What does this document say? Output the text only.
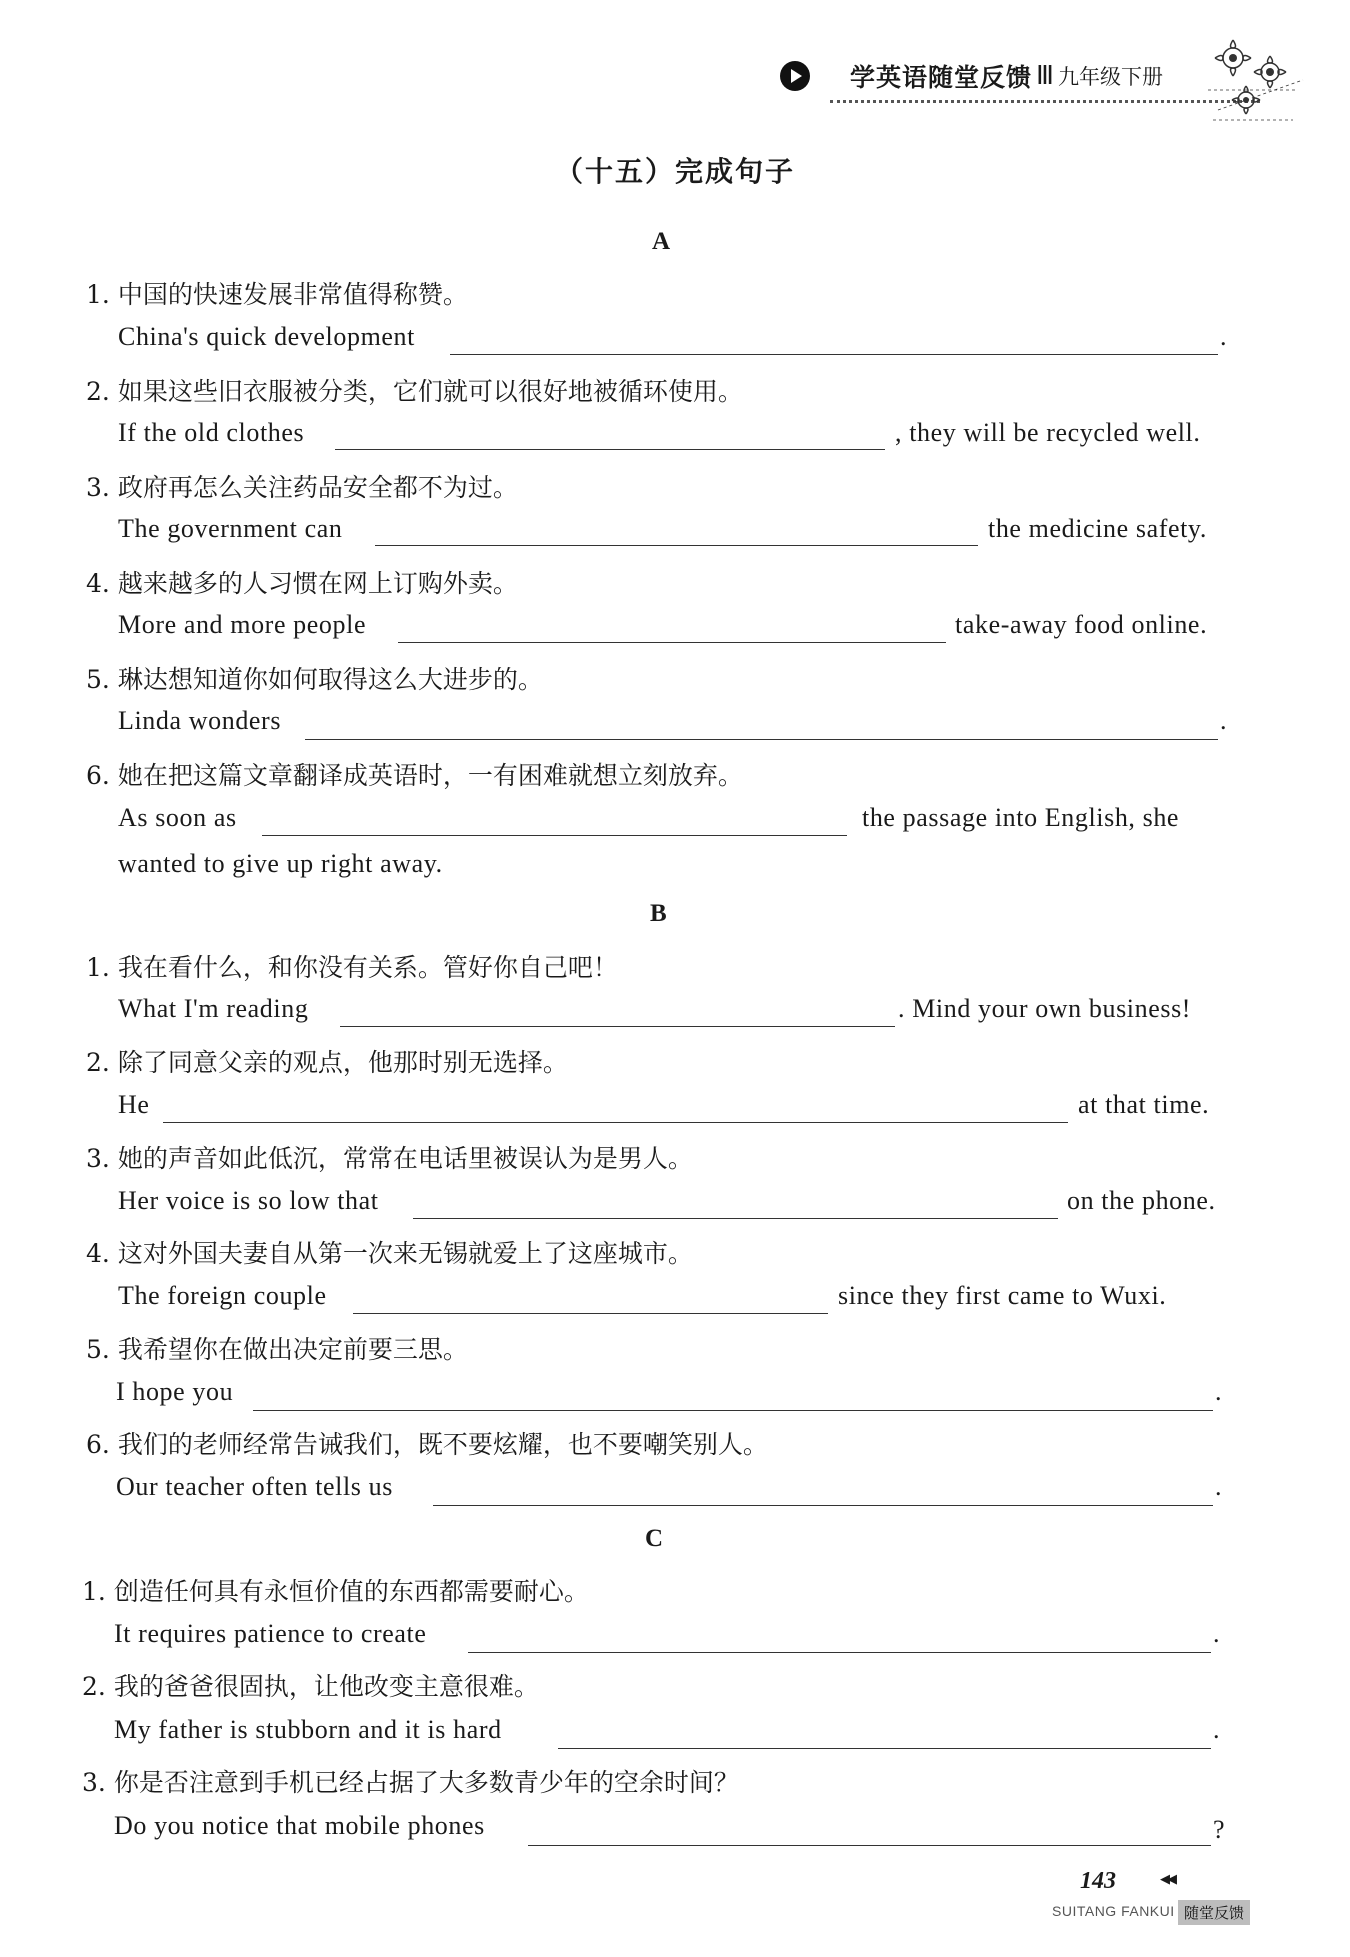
学英语随堂反馈 Ⅲ 九年级下册
（十五）完成句子
A
1. 中国的快速发展非常值得称赞。
China's quick development	.
2. 如果这些旧衣服被分类，它们就可以很好地被循环使用。
If the old clothes	, they will be recycled well.
3. 政府再怎么关注药品安全都不为过。
The government can	the medicine safety.
4. 越来越多的人习惯在网上订购外卖。
More and more people	take-away food online.
5. 琳达想知道你如何取得这么大进步的。
Linda wonders	.
6. 她在把这篇文章翻译成英语时，一有困难就想立刻放弃。
As soon as	the passage into English, she
wanted to give up right away.
B
1. 我在看什么，和你没有关系。管好你自己吧！
What I'm reading	. Mind your own business!
2. 除了同意父亲的观点，他那时别无选择。
He	at that time.
3. 她的声音如此低沉，常常在电话里被误认为是男人。
Her voice is so low that	on the phone.
4. 这对外国夫妻自从第一次来无锡就爱上了这座城市。
The foreign couple	since they first came to Wuxi.
5. 我希望你在做出决定前要三思。
I hope you	.
6. 我们的老师经常告诫我们，既不要炫耀，也不要嘲笑别人。
Our teacher often tells us	.
C
1. 创造任何具有永恒价值的东西都需要耐心。
It requires patience to create	.
2. 我的爸爸很固执，让他改变主意很难。
My father is stubborn and it is hard	.
3. 你是否注意到手机已经占据了大多数青少年的空余时间？
Do you notice that mobile phones	?
143	◀◀
SUITANG FANKUI 随堂反馈
